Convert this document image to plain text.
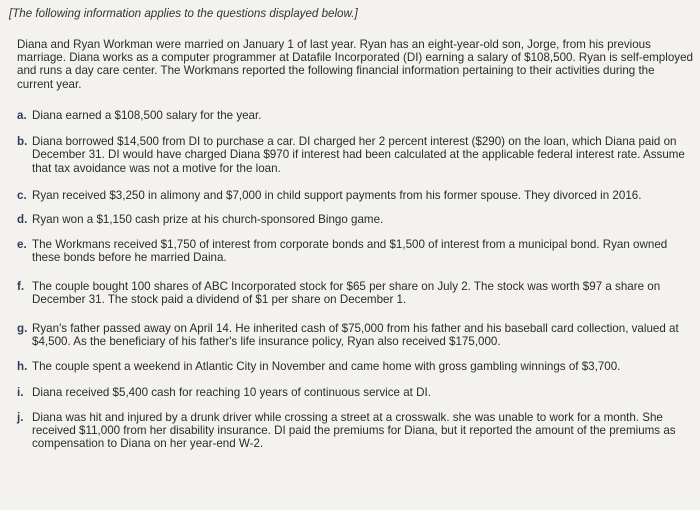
[The following information applies to the questions displayed below.]

Diana and Ryan Workman were married on January 1 of last year. Ryan has an eight-year-old son, Jorge, from his previous marriage. Diana works as a computer programmer at Datafile Incorporated (DI) earning a salary of $108,500. Ryan is self-employed and runs a day care center. The Workmans reported the following financial information pertaining to their activities during the current year.

a. Diana earned a $108,500 salary for the year.
b. Diana borrowed $14,500 from DI to purchase a car. DI charged her 2 percent interest ($290) on the loan, which Diana paid on December 31. DI would have charged Diana $970 if interest had been calculated at the applicable federal interest rate. Assume that tax avoidance was not a motive for the loan.
c. Ryan received $3,250 in alimony and $7,000 in child support payments from his former spouse. They divorced in 2016.
d. Ryan won a $1,150 cash prize at his church-sponsored Bingo game.
e. The Workmans received $1,750 of interest from corporate bonds and $1,500 of interest from a municipal bond. Ryan owned these bonds before he married Daina.
f. The couple bought 100 shares of ABC Incorporated stock for $65 per share on July 2. The stock was worth $97 a share on December 31. The stock paid a dividend of $1 per share on December 1.
g. Ryan's father passed away on April 14. He inherited cash of $75,000 from his father and his baseball card collection, valued at $4,500. As the beneficiary of his father's life insurance policy, Ryan also received $175,000.
h. The couple spent a weekend in Atlantic City in November and came home with gross gambling winnings of $3,700.
i. Diana received $5,400 cash for reaching 10 years of continuous service at DI.
j. Diana was hit and injured by a drunk driver while crossing a street at a crosswalk. she was unable to work for a month. She received $11,000 from her disability insurance. DI paid the premiums for Diana, but it reported the amount of the premiums as compensation to Diana on her year-end W-2.
